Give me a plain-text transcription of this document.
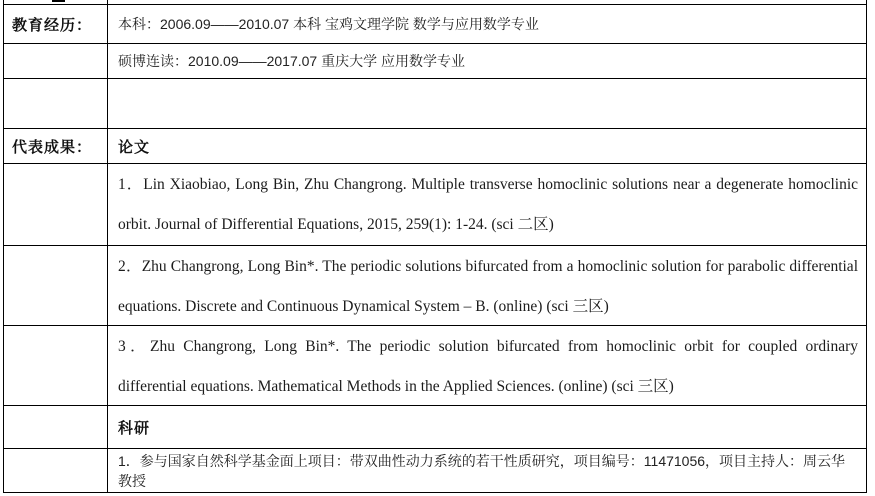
教育经历：	本科：2006.09——2010.07 本科 宝鸡文理学院 数学与应用数学专业
硕博连读：2010.09——2017.07 重庆大学 应用数学专业
代表成果：	论文
1．Lin Xiaobiao, Long Bin, Zhu Changrong. Multiple transverse homoclinic solutions near a degenerate homoclinic orbit. Journal of Differential Equations, 2015, 259(1): 1-24. (sci 二区)
2．Zhu Changrong, Long Bin*. The periodic solutions bifurcated from a homoclinic solution for parabolic differential equations. Discrete and Continuous Dynamical System – B. (online) (sci 三区)
3．Zhu Changrong, Long Bin*. The periodic solution bifurcated from homoclinic orbit for coupled ordinary differential equations. Mathematical Methods in the Applied Sciences. (online) (sci 三区)
科研
1．参与国家自然科学基金面上项目：带双曲性动力系统的若干性质研究，项目编号：11471056，项目主持人：周云华教授
